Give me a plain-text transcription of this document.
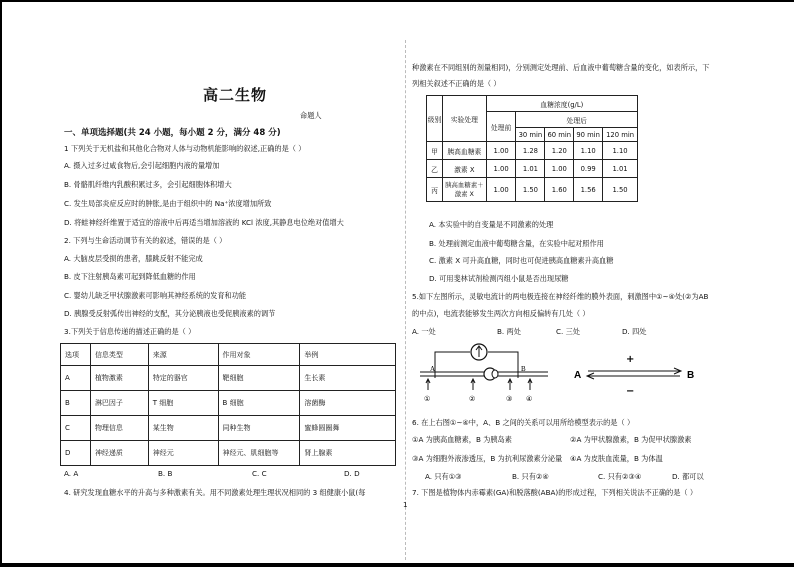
高二生物
命题人
一、单项选择题(共 24 小题，每小题 2 分，满分 48 分)
1 下列关于无机盐和其他化合物对人体与动物机能影响的叙述,正确的是（ ）
A. 摄入过多过咸食物后,会引起细胞内液的量增加
B. 骨骼肌纤维内乳酸积累过多，会引起细胞体积增大
C. 发生局部炎症反应时的肿胀,是由于组织中的 Na⁺浓度增加所致
D. 将蛙神经纤维置于适宜的溶液中后再适当增加溶液的 KCl 浓度,其静息电位绝对值增大
2. 下列与生命活动调节有关的叙述，错误的是（ ）
A. 大脑皮层受损的患者，膝跳反射不能完成
B. 皮下注射胰岛素可起到降低血糖的作用
C. 婴幼儿缺乏甲状腺激素可影响其神经系统的发育和功能
D. 胰腺受反射弧传出神经的支配，其分泌胰液也受促胰液素的调节
3.下列关于信息传递的描述正确的是（ ）
选项	信息类型	来源	作用对象	举例
A	植物激素	特定的器官	靶细胞	生长素
B	淋巴因子	T 细胞	B 细胞	溶菌酶
C	物理信息	某生物	同种生物	蜜蜂圆圈舞
D	神经递质	神经元	神经元、肌细胞等	肾上腺素
A. A	B. B	C. C	D. D
4. 研究发现血糖水平的升高与多种激素有关。用不同激素处理生理状况相同的 3 组健康小鼠(每
种激素在不同组别的剂量相同)，分别测定处理前、后血液中葡萄糖含量的变化，如表所示，下
列相关叙述不正确的是（ ）
级别	实验处理	血糖浓度(g/L)				
		处理前	处理后			
			30 min	60 min	90 min	120 min
甲	胰高血糖素	1.00	1.28	1.20	1.10	1.10
乙	激素 X	1.00	1.01	1.00	0.99	1.01
丙	胰高血糖素＋激素 X	1.00	1.50	1.60	1.56	1.50
A. 本实验中的自变量是不同激素的处理
B. 处理前测定血液中葡萄糖含量，在实验中起对照作用
C. 激素 X 可升高血糖，同时也可促进胰高血糖素升高血糖
D. 可用斐林试剂检测丙组小鼠是否出现尿糖
5.如下左图所示，灵敏电流计的两电极连接在神经纤维的膜外表面，刺激图中①~④处(②为AB
的中点)，电流表能够发生两次方向相反偏转有几处（ ）
A. 一处	B. 两处	C. 三处	D. 四处
A	B
①	②	③ ④
A	B
+
−
6. 在上右图①~④中，A、B 之间的关系可以用所给模型表示的是（ ）
①A 为胰高血糖素，B 为胰岛素	②A 为甲状腺激素，B 为促甲状腺激素
③A 为细胞外液渗透压，B 为抗利尿激素分泌量 ④A 为皮肤血流量，B 为体温
A. 只有①③	B. 只有②④	C. 只有②③④	D. 都可以
7. 下图是植物体内赤霉素(GA)和脱落酸(ABA)的形成过程，下列相关说法不正确的是（ ）
1
